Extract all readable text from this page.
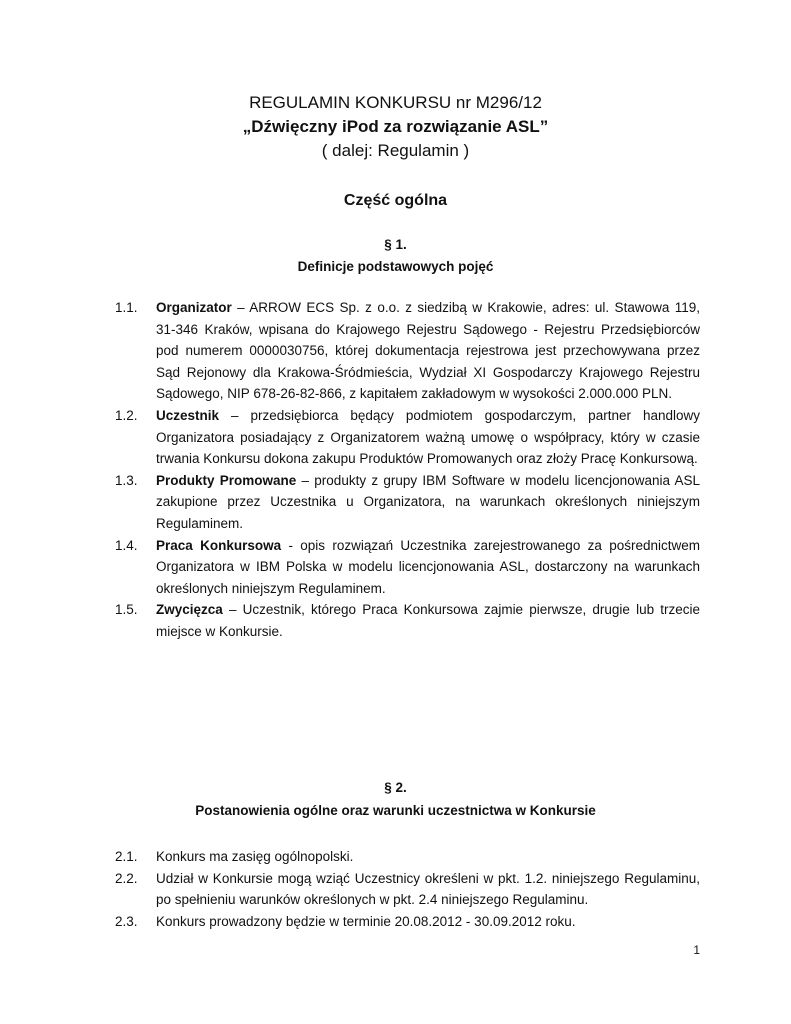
REGULAMIN KONKURSU nr M296/12
„Dźwięczny iPod za rozwiązanie ASL”
( dalej: Regulamin )
Część ogólna
§ 1.
Definicje podstawowych pojęć
1.1.	Organizator – ARROW ECS Sp. z o.o. z siedzibą w Krakowie, adres: ul. Stawowa 119, 31-346 Kraków, wpisana do Krajowego Rejestru Sądowego - Rejestru Przedsiębiorców pod numerem 0000030756, której dokumentacja rejestrowa jest przechowywana przez Sąd Rejonowy dla Krakowa-Śródmieścia, Wydział XI Gospodarczy Krajowego Rejestru Sądowego, NIP 678-26-82-866, z kapitałem zakładowym w wysokości 2.000.000 PLN.
1.2.	Uczestnik – przedsiębiorca będący podmiotem gospodarczym, partner handlowy Organizatora posiadający z Organizatorem ważną umowę o współpracy, który w czasie trwania Konkursu dokona zakupu Produktów Promowanych oraz złoży Pracę Konkursową.
1.3.	Produkty Promowane – produkty z grupy IBM Software w modelu licencjonowania ASL zakupione przez Uczestnika u Organizatora, na warunkach określonych niniejszym Regulaminem.
1.4.	Praca Konkursowa - opis rozwiązań Uczestnika zarejestrowanego za pośrednictwem Organizatora w IBM Polska w modelu licencjonowania ASL, dostarczony na warunkach określonych niniejszym Regulaminem.
1.5.	Zwycięzca – Uczestnik, którego Praca Konkursowa zajmie pierwsze, drugie lub trzecie miejsce w Konkursie.
§ 2.
Postanowienia ogólne oraz warunki uczestnictwa w Konkursie
2.1.	Konkurs ma zasięg ogólnopolski.
2.2.	Udział w Konkursie mogą wziąć Uczestnicy określeni w pkt. 1.2. niniejszego Regulaminu, po spełnieniu warunków określonych w pkt. 2.4 niniejszego Regulaminu.
2.3.	Konkurs prowadzony będzie w terminie 20.08.2012 - 30.09.2012 roku.
1
